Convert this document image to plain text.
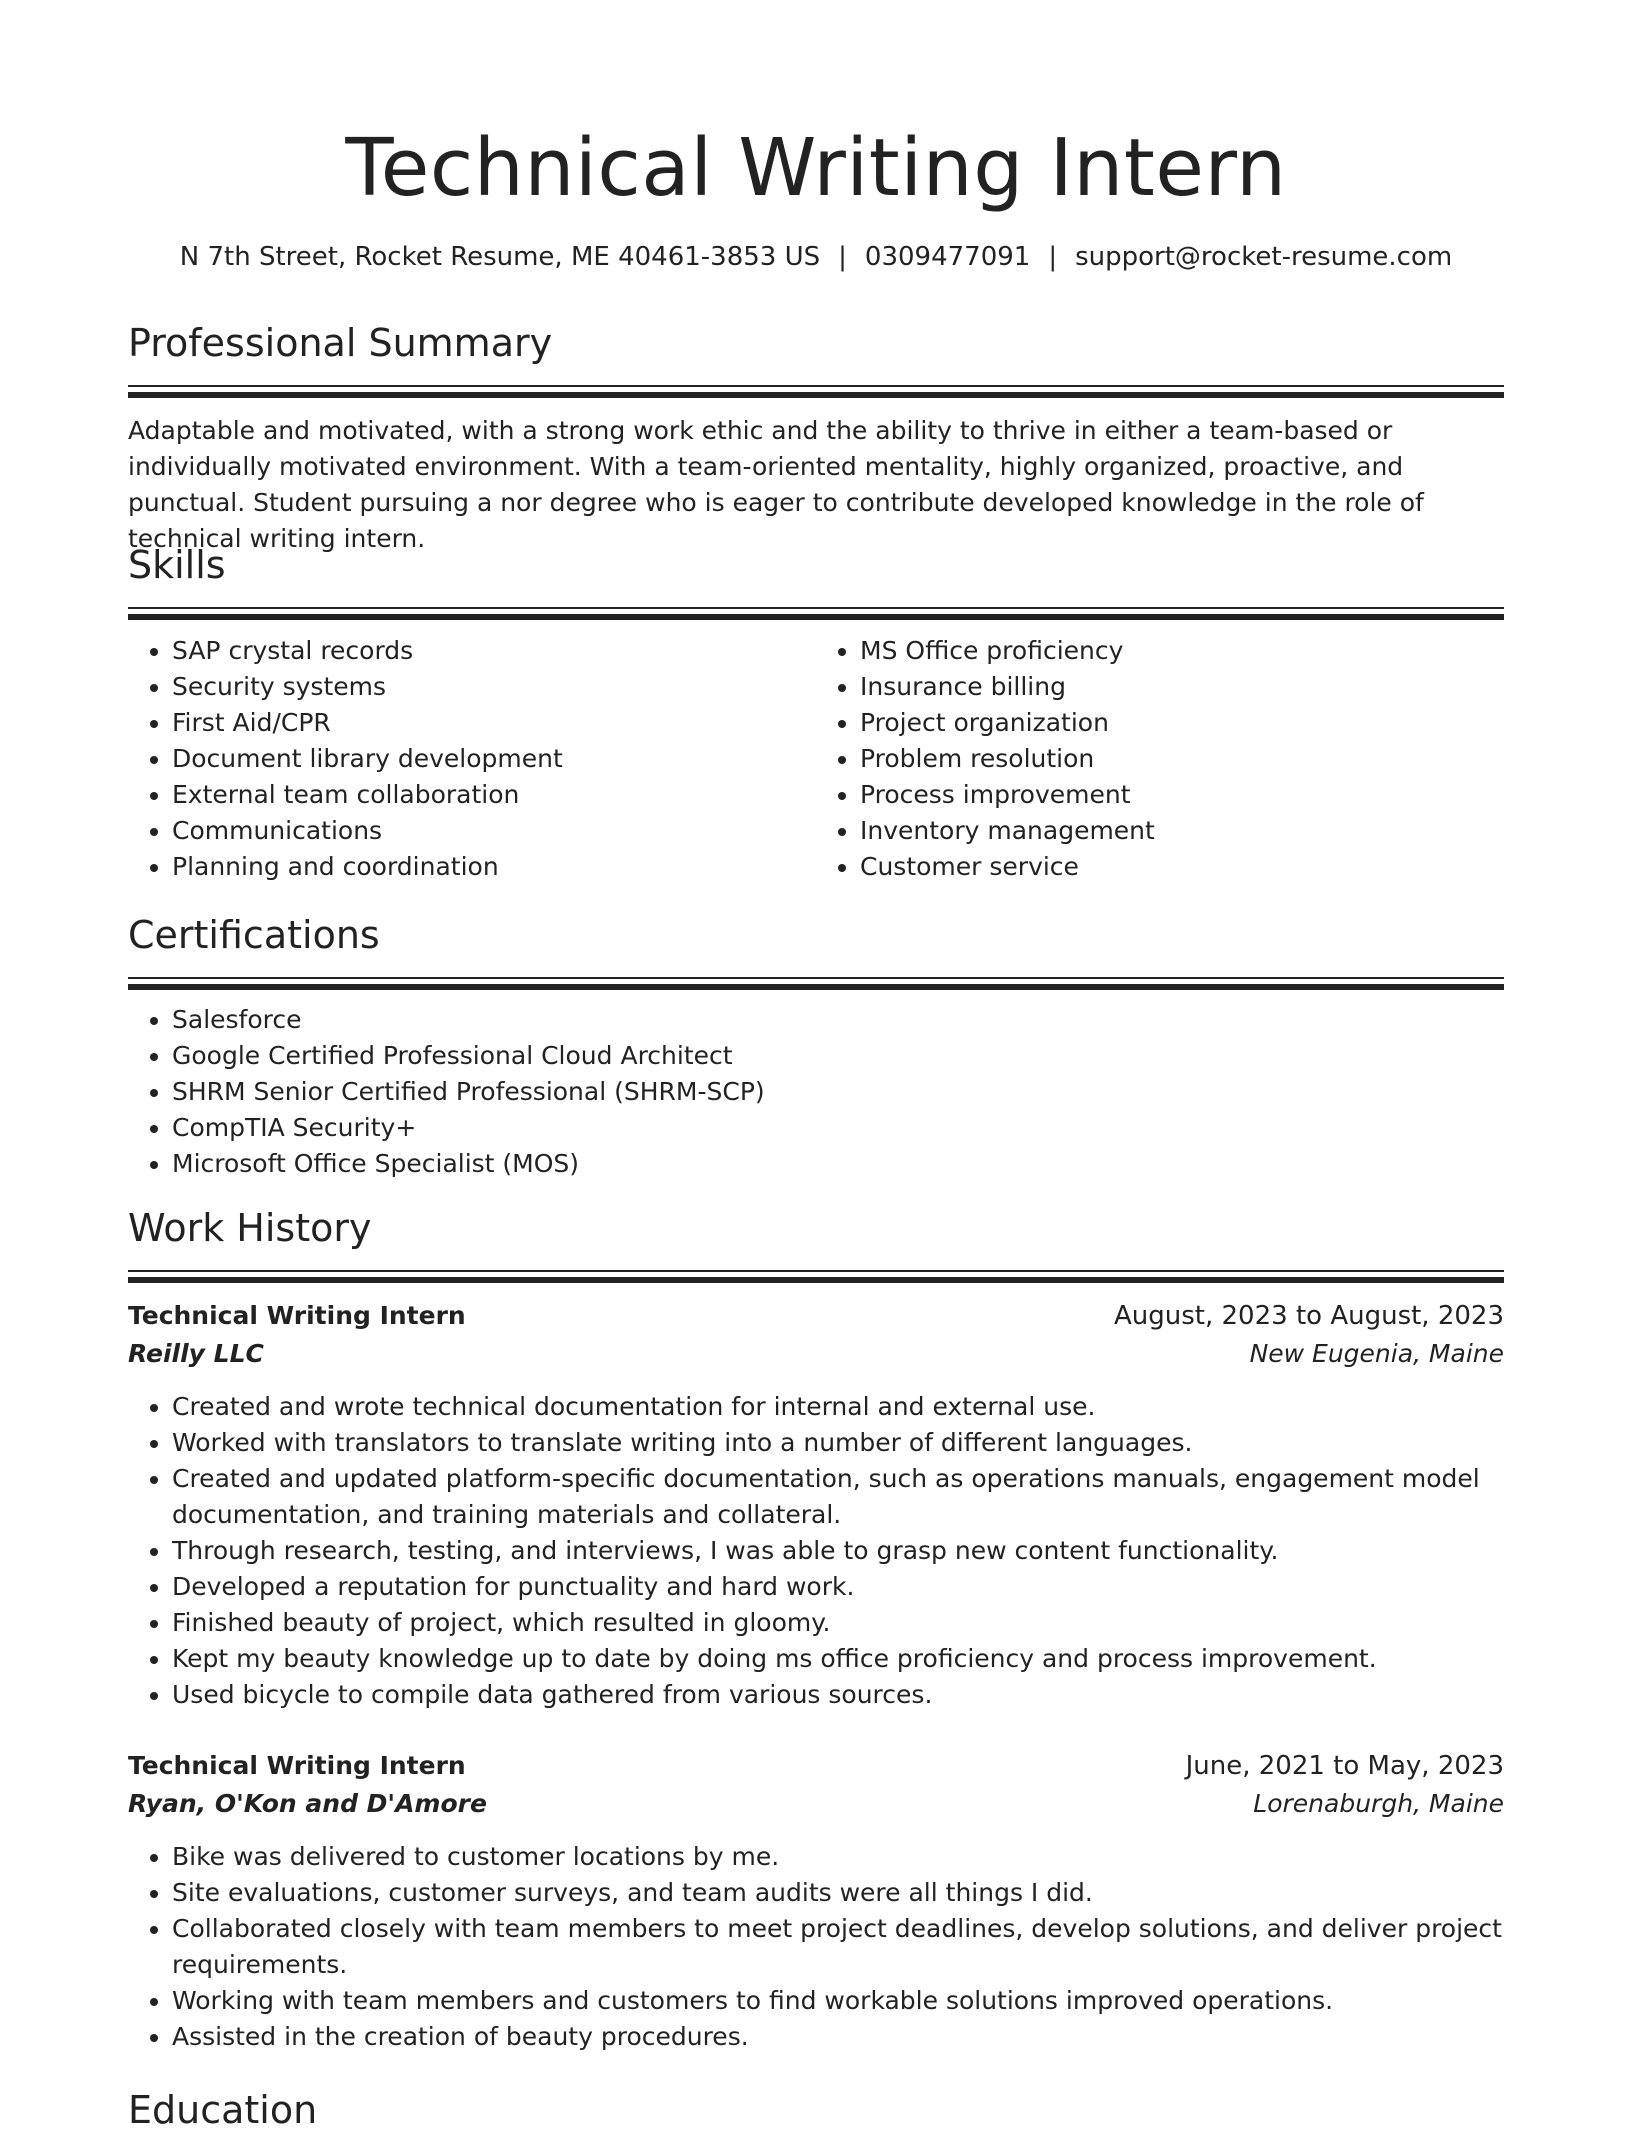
Technical Writing Intern
N 7th Street, Rocket Resume, ME 40461-3853 US | 0309477091 | support@rocket-resume.com
Professional Summary
Adaptable and motivated, with a strong work ethic and the ability to thrive in either a team-based or individually motivated environment. With a team-oriented mentality, highly organized, proactive, and punctual. Student pursuing a nor degree who is eager to contribute developed knowledge in the role of technical writing intern.
Skills
• SAP crystal records
• Security systems
• First Aid/CPR
• Document library development
• External team collaboration
• Communications
• Planning and coordination
• MS Office proficiency
• Insurance billing
• Project organization
• Problem resolution
• Process improvement
• Inventory management
• Customer service
Certifications
• Salesforce
• Google Certified Professional Cloud Architect
• SHRM Senior Certified Professional (SHRM-SCP)
• CompTIA Security+
• Microsoft Office Specialist (MOS)
Work History
Technical Writing Intern	August, 2023 to August, 2023
Reilly LLC	New Eugenia, Maine
• Created and wrote technical documentation for internal and external use.
• Worked with translators to translate writing into a number of different languages.
• Created and updated platform-specific documentation, such as operations manuals, engagement model documentation, and training materials and collateral.
• Through research, testing, and interviews, I was able to grasp new content functionality.
• Developed a reputation for punctuality and hard work.
• Finished beauty of project, which resulted in gloomy.
• Kept my beauty knowledge up to date by doing ms office proficiency and process improvement.
• Used bicycle to compile data gathered from various sources.
Technical Writing Intern	June, 2021 to May, 2023
Ryan, O'Kon and D'Amore	Lorenaburgh, Maine
• Bike was delivered to customer locations by me.
• Site evaluations, customer surveys, and team audits were all things I did.
• Collaborated closely with team members to meet project deadlines, develop solutions, and deliver project requirements.
• Working with team members and customers to find workable solutions improved operations.
• Assisted in the creation of beauty procedures.
Education
